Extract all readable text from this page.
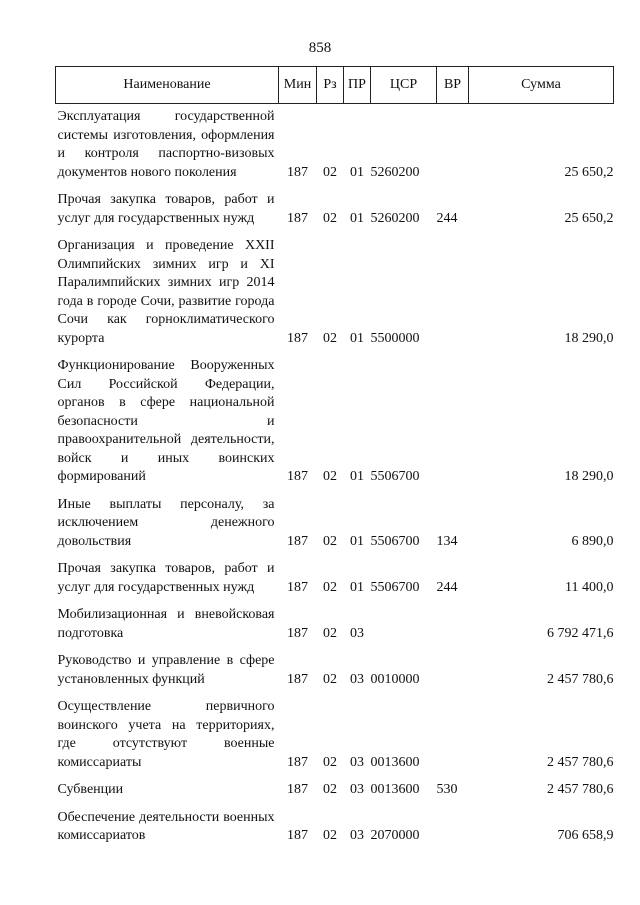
858
Наименование	Мин	Рз	ПР	ЦСР	ВР	Сумма
Эксплуатация государственной системы изготовления, оформления и контроля паспортно-визовых документов нового поколения	187	02	01	5260200		25 650,2
Прочая закупка товаров, работ и услуг для государственных нужд	187	02	01	5260200	244	25 650,2
Организация и проведение XXII Олимпийских зимних игр и XI Паралимпийских зимних игр 2014 года в городе Сочи, развитие города Сочи как горноклиматического курорта	187	02	01	5500000		18 290,0
Функционирование Вооруженных Сил Российской Федерации, органов в сфере национальной безопасности и правоохранительной деятельности, войск и иных воинских формирований	187	02	01	5506700		18 290,0
Иные выплаты персоналу, за исключением денежного довольствия	187	02	01	5506700	134	6 890,0
Прочая закупка товаров, работ и услуг для государственных нужд	187	02	01	5506700	244	11 400,0
Мобилизационная и вневойсковая подготовка	187	02	03			6 792 471,6
Руководство и управление в сфере установленных функций	187	02	03	0010000		2 457 780,6
Осуществление первичного воинского учета на территориях, где отсутствуют военные комиссариаты	187	02	03	0013600		2 457 780,6
Субвенции	187	02	03	0013600	530	2 457 780,6
Обеспечение деятельности военных комиссариатов	187	02	03	2070000		706 658,9
